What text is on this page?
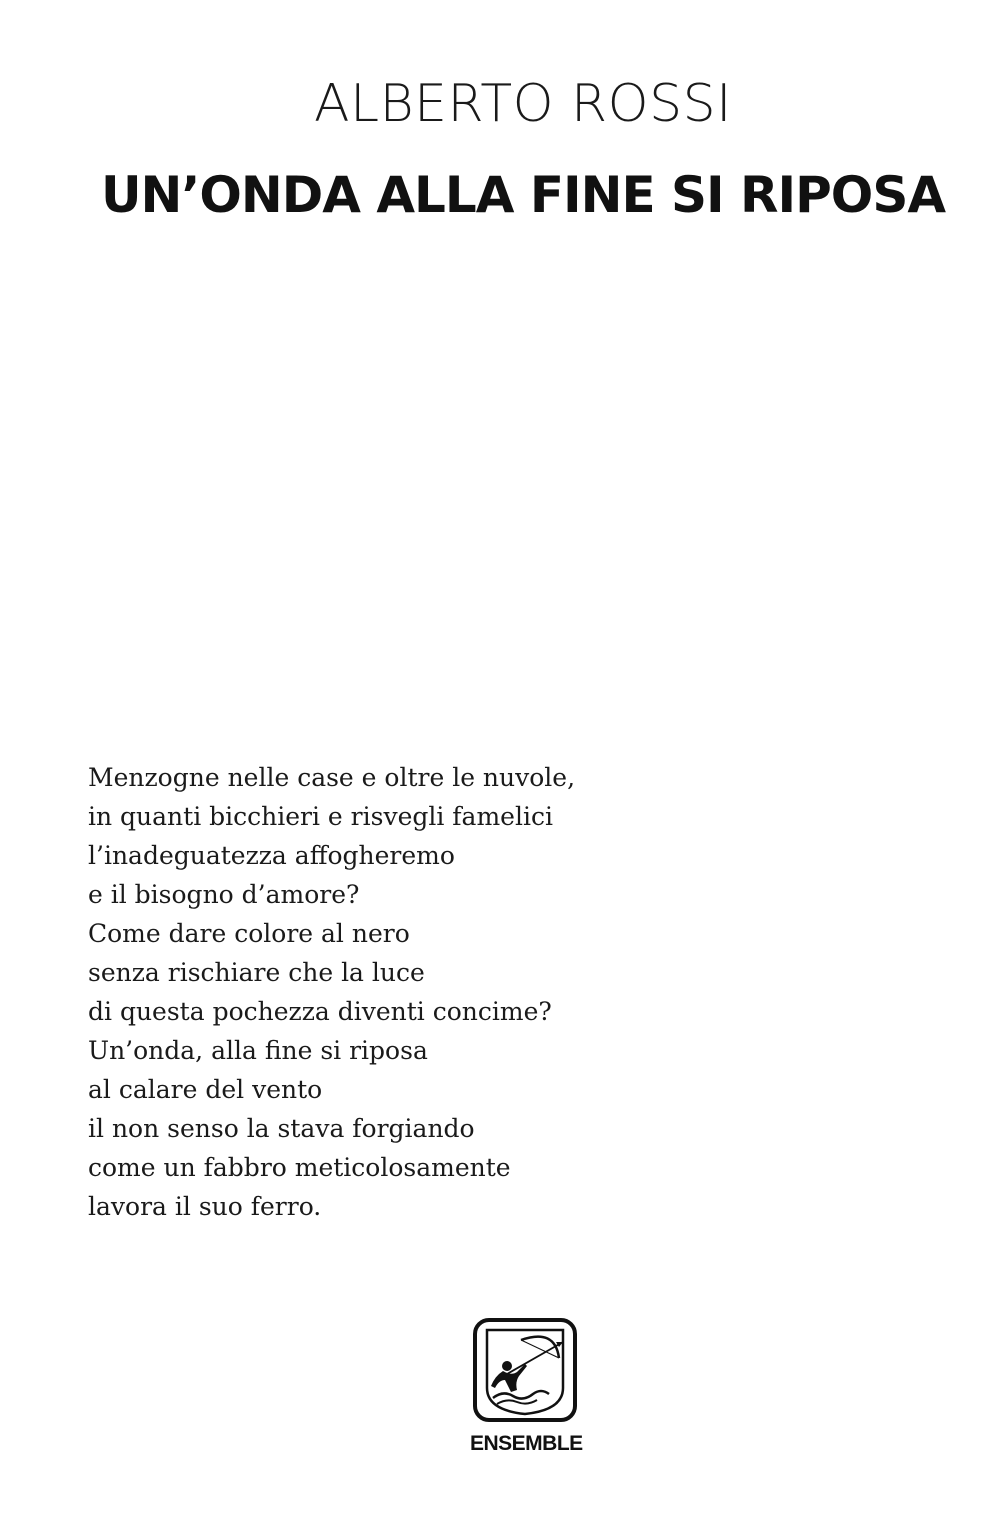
ALBERTO ROSSI
UN’ONDA ALLA FINE SI RIPOSA
Menzogne nelle case e oltre le nuvole,
in quanti bicchieri e risvegli famelici
l’inadeguatezza affogheremo
e il bisogno d’amore?
Come dare colore al nero
senza rischiare che la luce
di questa pochezza diventi concime?
Un’onda, alla fine si riposa
al calare del vento
il non senso la stava forgiando
come un fabbro meticolosamente
lavora il suo ferro.
ENSEMBLE
